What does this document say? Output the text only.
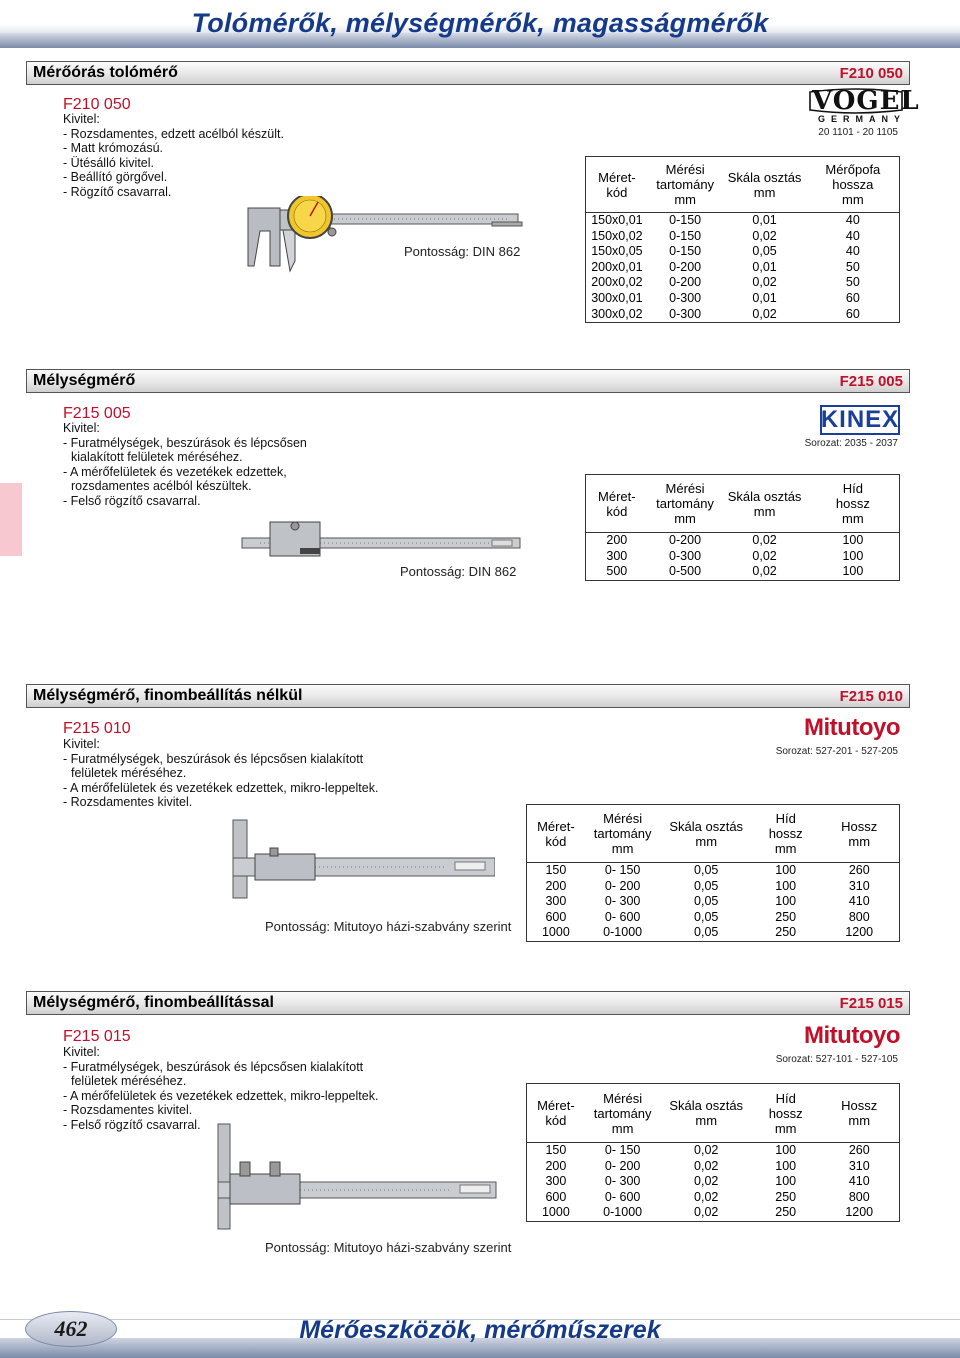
Tolómérők, mélységmérők, magasságmérők
Mérőórás tolómérő	F210 050
F210 050
Kivitel:
- Rozsdamentes, edzett acélból készült.
- Matt krómozású.
- Ütésálló kivitel.
- Beállító görgővel.
- Rögzítő csavarral.
Pontosság: DIN 862
VOGEL
GERMANY
20 1101 - 20 1105
Méret-
kód	Mérési
tartomány
mm	Skála osztás
mm	Mérőpofa
hossza
mm
150x0,01	0-150	0,01	40
150x0,02	0-150	0,02	40
150x0,05	0-150	0,05	40
200x0,01	0-200	0,01	50
200x0,02	0-200	0,02	50
300x0,01	0-300	0,01	60
300x0,02	0-300	0,02	60
Mélységmérő	F215 005
F215 005
Kivitel:
- Furatmélységek, beszúrások és lépcsősen
kialakított felületek méréséhez.
- A mérőfelületek és vezetékek edzettek,
rozsdamentes acélból készültek.
- Felső rögzítő csavarral.
Pontosság: DIN 862
KINEX
Sorozat: 2035 - 2037
Méret-
kód	Mérési
tartomány
mm	Skála osztás
mm	Híd
hossz
mm
200	0-200	0,02	100
300	0-300	0,02	100
500	0-500	0,02	100
Mélységmérő, finombeállítás nélkül	F215 010
F215 010
Kivitel:
- Furatmélységek, beszúrások és lépcsősen kialakított
felületek méréséhez.
- A mérőfelületek és vezetékek edzettek, mikro-leppeltek.
- Rozsdamentes kivitel.
Pontosság: Mitutoyo házi-szabvány szerint
Mitutoyo
Sorozat: 527-201 - 527-205
Méret-
kód	Mérési
tartomány
mm	Skála osztás
mm	Híd
hossz
mm	Hossz
mm
150	0- 150	0,05	100	260
200	0- 200	0,05	100	310
300	0- 300	0,05	100	410
600	0- 600	0,05	250	800
1000	0-1000	0,05	250	1200
Mélységmérő, finombeállítással	F215 015
F215 015
Kivitel:
- Furatmélységek, beszúrások és lépcsősen kialakított
felületek méréséhez.
- A mérőfelületek és vezetékek edzettek, mikro-leppeltek.
- Rozsdamentes kivitel.
- Felső rögzítő csavarral.
Pontosság: Mitutoyo házi-szabvány szerint
Mitutoyo
Sorozat: 527-101 - 527-105
Méret-
kód	Mérési
tartomány
mm	Skála osztás
mm	Híd
hossz
mm	Hossz
mm
150	0- 150	0,02	100	260
200	0- 200	0,02	100	310
300	0- 300	0,02	100	410
600	0- 600	0,02	250	800
1000	0-1000	0,02	250	1200
462	Mérőeszközök, mérőműszerek
